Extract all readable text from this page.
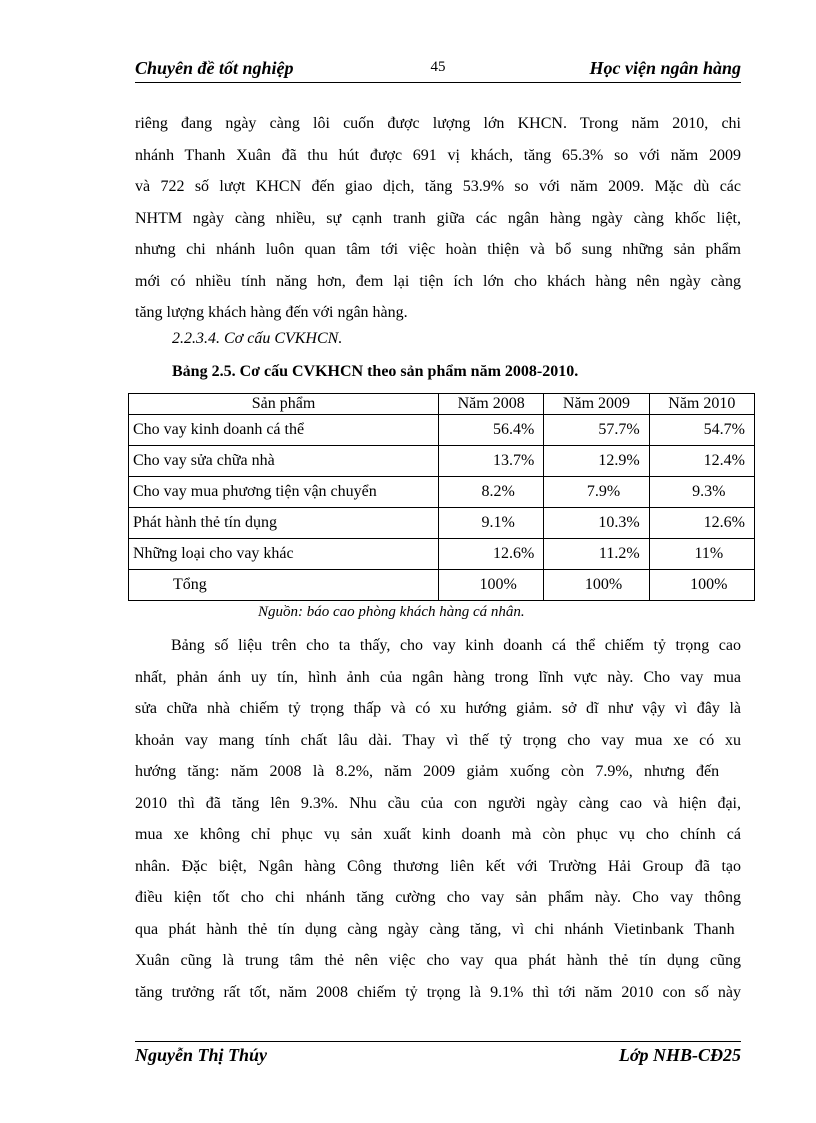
Chuyên đề tốt nghiệp	45	Học viện ngân hàng
riêng đang ngày càng lôi cuốn được lượng lớn KHCN. Trong năm 2010, chi
nhánh Thanh Xuân đã thu hút được 691 vị khách, tăng 65.3% so với năm 2009
và 722 số lượt KHCN đến giao dịch, tăng 53.9% so với năm 2009. Mặc dù các
NHTM ngày càng nhiều, sự cạnh tranh giữa các ngân hàng ngày càng khốc liệt,
nhưng chi nhánh luôn quan tâm tới việc hoàn thiện và bổ sung những sản phẩm
mới có nhiều tính năng hơn, đem lại tiện ích lớn cho khách hàng nên ngày càng
tăng lượng khách hàng đến với ngân hàng.
2.2.3.4. Cơ cấu CVKHCN.
Bảng 2.5. Cơ cấu CVKHCN theo sản phẩm năm 2008-2010.
Sản phẩm	Năm 2008	Năm 2009	Năm 2010
Cho vay kinh doanh cá thể	56.4%	57.7%	54.7%
Cho vay sửa chữa nhà	13.7%	12.9%	12.4%
Cho vay mua phương tiện vận chuyển	8.2%	7.9%	9.3%
Phát hành thẻ tín dụng	9.1%	10.3%	12.6%
Những loại cho vay khác	12.6%	11.2%	11%
Tổng	100%	100%	100%
Nguồn: báo cao phòng khách hàng cá nhân.
Bảng số liệu trên cho ta thấy, cho vay kinh doanh cá thể chiếm tỷ trọng cao
nhất, phản ánh uy tín, hình ảnh của ngân hàng trong lĩnh vực này. Cho vay mua
sửa chữa nhà chiếm tỷ trọng thấp và có xu hướng giảm. sở dĩ như vậy vì đây là
khoản vay mang tính chất lâu dài. Thay vì thế tỷ trọng cho vay mua xe có xu
hướng tăng: năm 2008 là 8.2%, năm 2009 giảm xuống còn 7.9%, nhưng đến
2010 thì đã tăng lên 9.3%. Nhu cầu của con người ngày càng cao và hiện đại,
mua xe không chỉ phục vụ sản xuất kinh doanh mà còn phục vụ cho chính cá
nhân. Đặc biệt, Ngân hàng Công thương liên kết với Trường Hải Group đã tạo
điều kiện tốt cho chi nhánh tăng cường cho vay sản phẩm này. Cho vay thông
qua phát hành thẻ tín dụng càng ngày càng tăng, vì chi nhánh Vietinbank Thanh
Xuân cũng là trung tâm thẻ nên việc cho vay qua phát hành thẻ tín dụng cũng
tăng trưởng rất tốt, năm 2008 chiếm tỷ trọng là 9.1% thì tới năm 2010 con số này
Nguyễn Thị Thúy	Lớp NHB-CĐ25
